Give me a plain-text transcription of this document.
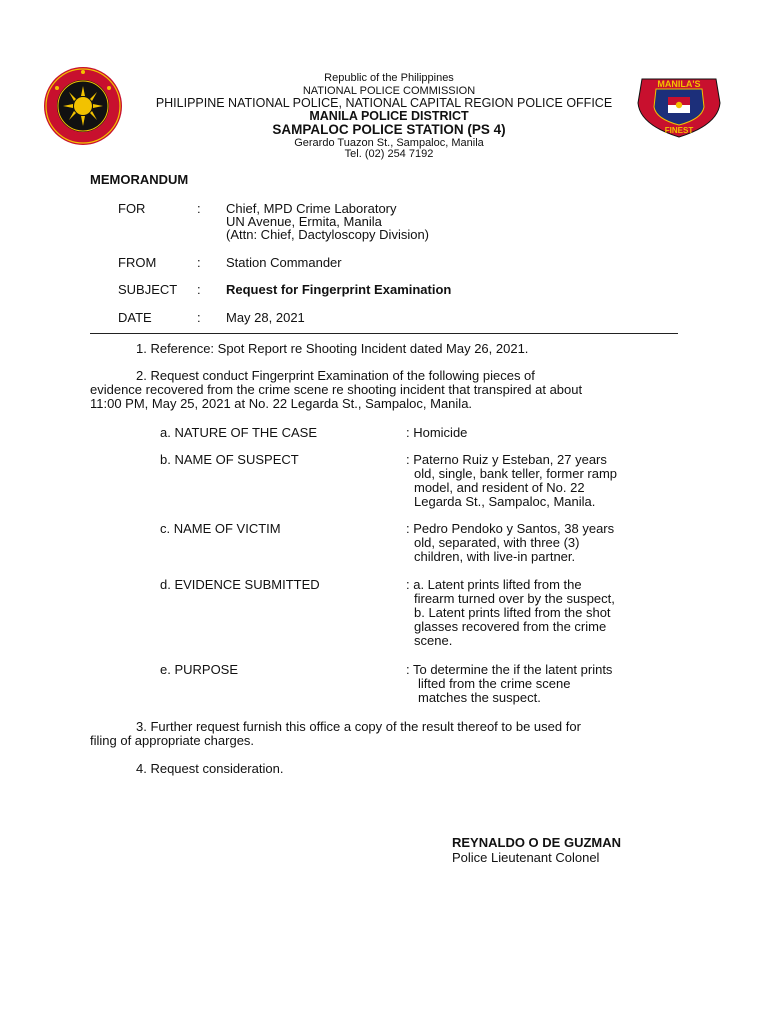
MANILA'S
FINEST
Republic of the Philippines
NATIONAL POLICE COMMISSION
PHILIPPINE NATIONAL POLICE, NATIONAL CAPITAL REGION POLICE OFFICE
MANILA POLICE DISTRICT
SAMPALOC POLICE STATION (PS 4)
Gerardo Tuazon St., Sampaloc, Manila
Tel. (02) 254 7192
MEMORANDUM
FOR	: Chief, MPD Crime Laboratory
UN Avenue, Ermita, Manila
(Attn: Chief, Dactyloscopy Division)
FROM	: Station Commander
SUBJECT : Request for Fingerprint Examination
DATE	: May 28, 2021
1. Reference: Spot Report re Shooting Incident dated May 26, 2021.
2. Request conduct Fingerprint Examination of the following pieces of
evidence recovered from the crime scene re shooting incident that transpired at about
11:00 PM, May 25, 2021 at No. 22 Legarda St., Sampaloc, Manila.
a. NATURE OF THE CASE	: Homicide
b. NAME OF SUSPECT	: Paterno Ruiz y Esteban, 27 years
old, single, bank teller, former ramp
model, and resident of No. 22
Legarda St., Sampaloc, Manila.
c. NAME OF VICTIM	: Pedro Pendoko y Santos, 38 years
old, separated, with three (3)
children, with live-in partner.
d. EVIDENCE SUBMITTED	: a. Latent prints lifted from the
firearm turned over by the suspect,
b. Latent prints lifted from the shot
glasses recovered from the crime
scene.
e. PURPOSE	: To determine the if the latent prints
lifted from the crime scene
matches the suspect.
3. Further request furnish this office a copy of the result thereof to be used for
filing of appropriate charges.
4. Request consideration.
REYNALDO O DE GUZMAN
Police Lieutenant Colonel
